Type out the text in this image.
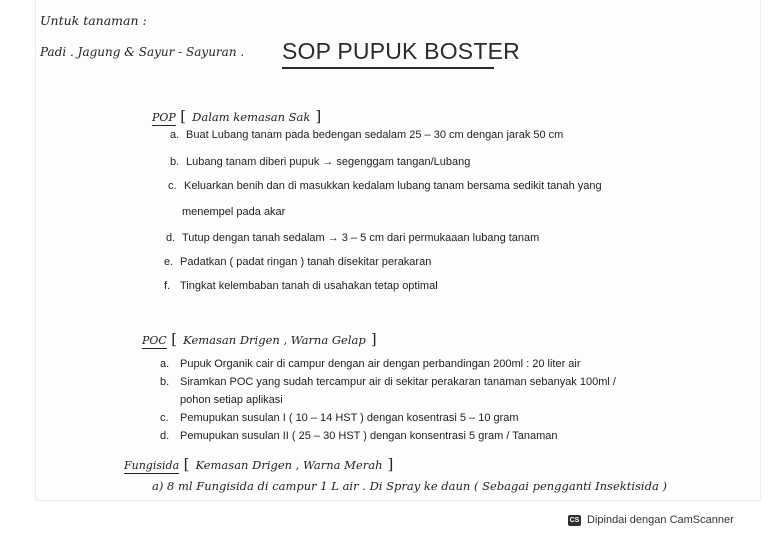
Untuk tanaman :
Padi . Jagung & Sayur - Sayuran . SOP PUPUK BOSTER
POP [ Dalam kemasan Sak ]
a. Buat Lubang tanam pada bedengan sedalam 25 – 30 cm dengan jarak 50 cm
b. Lubang tanam diberi pupuk → segenggam tangan/Lubang
c. Keluarkan benih dan di masukkan kedalam lubang tanam bersama sedikit tanah yang
menempel pada akar
d. Tutup dengan tanah sedalam → 3 – 5 cm dari permukaaan lubang tanam
e. Padatkan ( padat ringan ) tanah disekitar perakaran
f. Tingkat kelembaban tanah di usahakan tetap optimal
POC [ Kemasan Drigen , Warna Gelap ]
a. Pupuk Organik cair di campur dengan air dengan perbandingan 200ml : 20 liter air
b. Siramkan POC yang sudah tercampur air di sekitar perakaran tanaman sebanyak 100ml /
pohon setiap aplikasi
c. Pemupukan susulan I ( 10 – 14 HST ) dengan kosentrasi 5 – 10 gram
d. Pemupukan susulan II ( 25 – 30 HST ) dengan konsentrasi 5 gram / Tanaman
Fungisida [ Kemasan Drigen , Warna Merah ]
a) 8 ml Fungisida di campur 1 L air . Di Spray ke daun ( Sebagai pengganti Insektisida )
CS Dipindai dengan CamScanner
